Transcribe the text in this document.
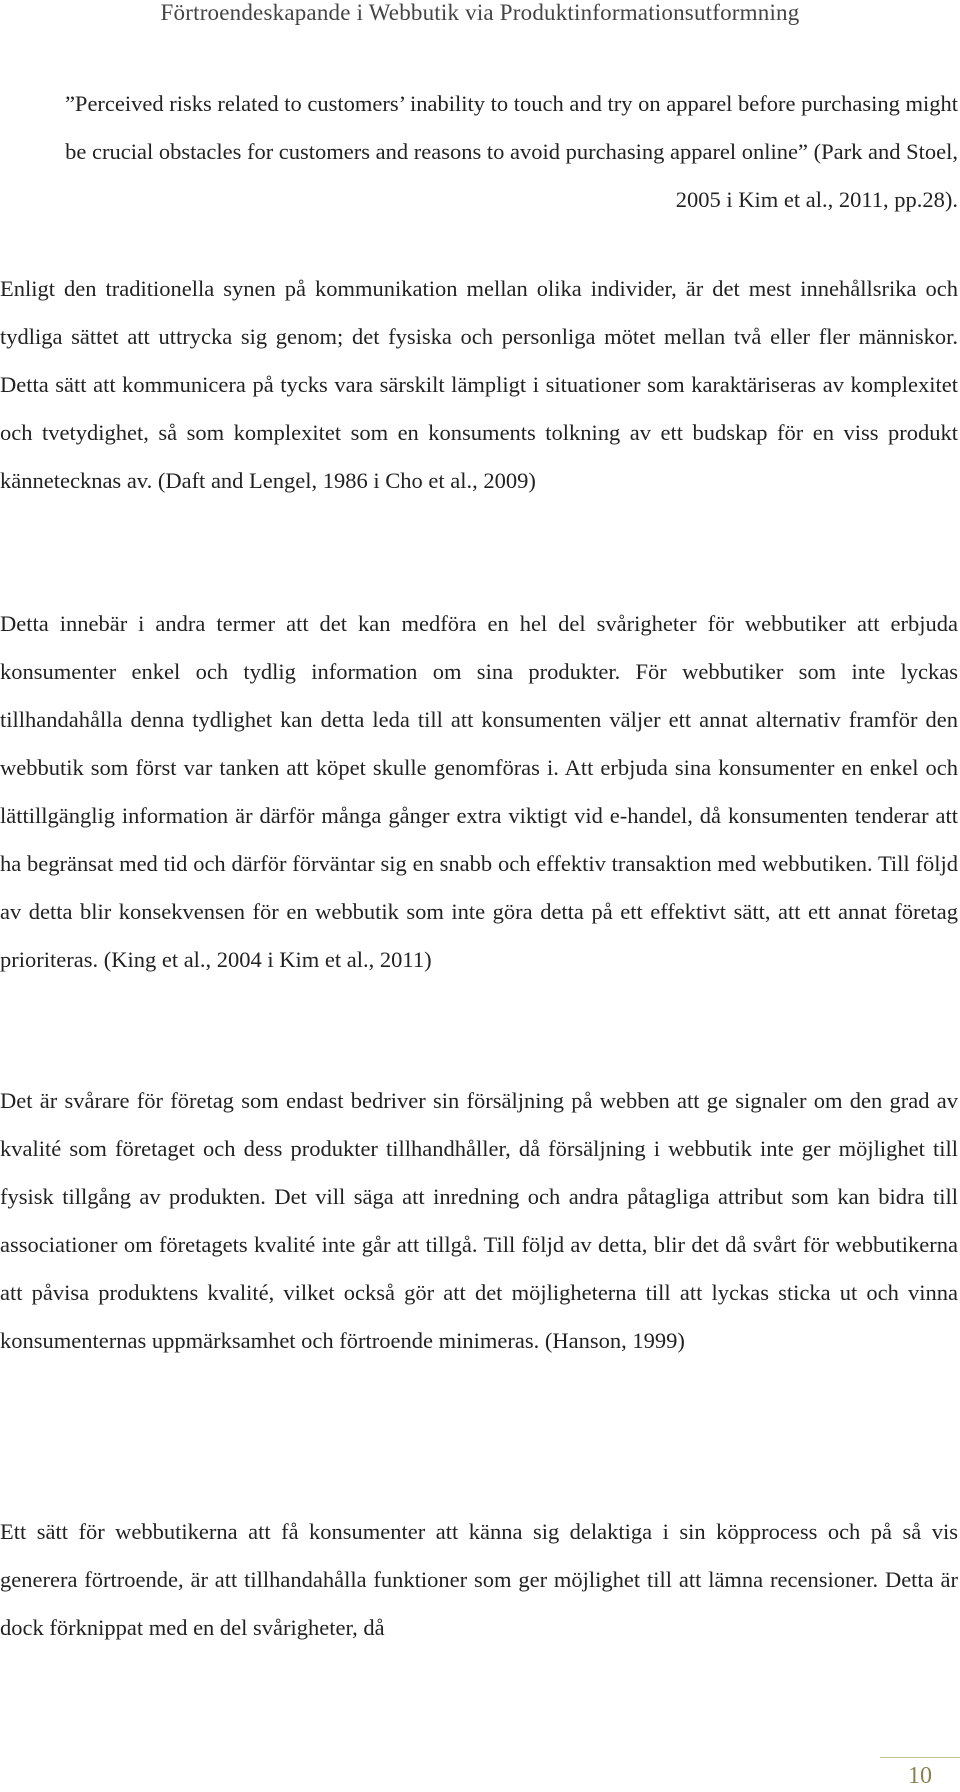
Förtroendeskapande i Webbutik via Produktinformationsutformning

”Perceived risks related to customers’ inability to touch and try on apparel before purchasing might be crucial obstacles for customers and reasons to avoid purchasing apparel online” (Park and Stoel, 2005 i Kim et al., 2011, pp.28).

Enligt den traditionella synen på kommunikation mellan olika individer, är det mest innehållsrika och tydliga sättet att uttrycka sig genom; det fysiska och personliga mötet mellan två eller fler människor. Detta sätt att kommunicera på tycks vara särskilt lämpligt i situationer som karaktäriseras av komplexitet och tvetydighet, så som komplexitet som en konsuments tolkning av ett budskap för en viss produkt kännetecknas av. (Daft and Lengel, 1986 i Cho et al., 2009)

Detta innebär i andra termer att det kan medföra en hel del svårigheter för webbutiker att erbjuda konsumenter enkel och tydlig information om sina produkter. För webbutiker som inte lyckas tillhandahålla denna tydlighet kan detta leda till att konsumenten väljer ett annat alternativ framför den webbutik som först var tanken att köpet skulle genomföras i. Att erbjuda sina konsumenter en enkel och lättillgänglig information är därför många gånger extra viktigt vid e-handel, då konsumenten tenderar att ha begränsat med tid och därför förväntar sig en snabb och effektiv transaktion med webbutiken. Till följd av detta blir konsekvensen för en webbutik som inte göra detta på ett effektivt sätt, att ett annat företag prioriteras. (King et al., 2004 i Kim et al., 2011)

Det är svårare för företag som endast bedriver sin försäljning på webben att ge signaler om den grad av kvalité som företaget och dess produkter tillhandhåller, då försäljning i webbutik inte ger möjlighet till fysisk tillgång av produkten. Det vill säga att inredning och andra påtagliga attribut som kan bidra till associationer om företagets kvalité inte går att tillgå. Till följd av detta, blir det då svårt för webbutikerna att påvisa produktens kvalité, vilket också gör att det möjligheterna till att lyckas sticka ut och vinna konsumenternas uppmärksamhet och förtroende minimeras. (Hanson, 1999)

Ett sätt för webbutikerna att få konsumenter att känna sig delaktiga i sin köpprocess och på så vis generera förtroende, är att tillhandahålla funktioner som ger möjlighet till att lämna recensioner. Detta är dock förknippat med en del svårigheter, då

10
